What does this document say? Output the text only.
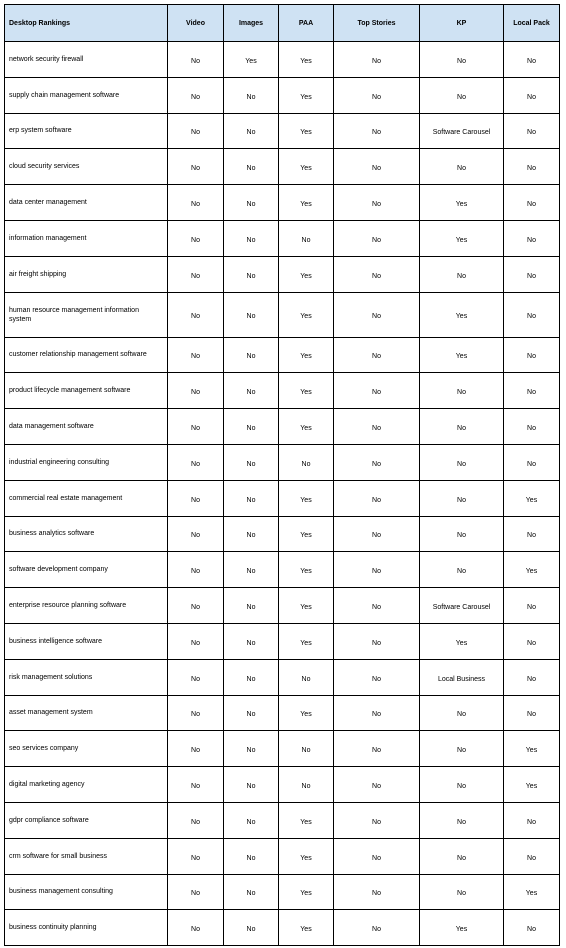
Desktop Rankings	Video	Images	PAA	Top Stories	KP	Local Pack
network security firewall	No	Yes	Yes	No	No	No
supply chain management software	No	No	Yes	No	No	No
erp system software	No	No	Yes	No	Software Carousel	No
cloud security services	No	No	Yes	No	No	No
data center management	No	No	Yes	No	Yes	No
information management	No	No	No	No	Yes	No
air freight shipping	No	No	Yes	No	No	No
human resource management information system	No	No	Yes	No	Yes	No
customer relationship management software	No	No	Yes	No	Yes	No
product lifecycle management software	No	No	Yes	No	No	No
data management software	No	No	Yes	No	No	No
industrial engineering consulting	No	No	No	No	No	No
commercial real estate management	No	No	Yes	No	No	Yes
business analytics software	No	No	Yes	No	No	No
software development company	No	No	Yes	No	No	Yes
enterprise resource planning software	No	No	Yes	No	Software Carousel	No
business intelligence software	No	No	Yes	No	Yes	No
risk management solutions	No	No	No	No	Local Business	No
asset management system	No	No	Yes	No	No	No
seo services company	No	No	No	No	No	Yes
digital marketing agency	No	No	No	No	No	Yes
gdpr compliance software	No	No	Yes	No	No	No
crm software for small business	No	No	Yes	No	No	No
business management consulting	No	No	Yes	No	No	Yes
business continuity planning	No	No	Yes	No	Yes	No
